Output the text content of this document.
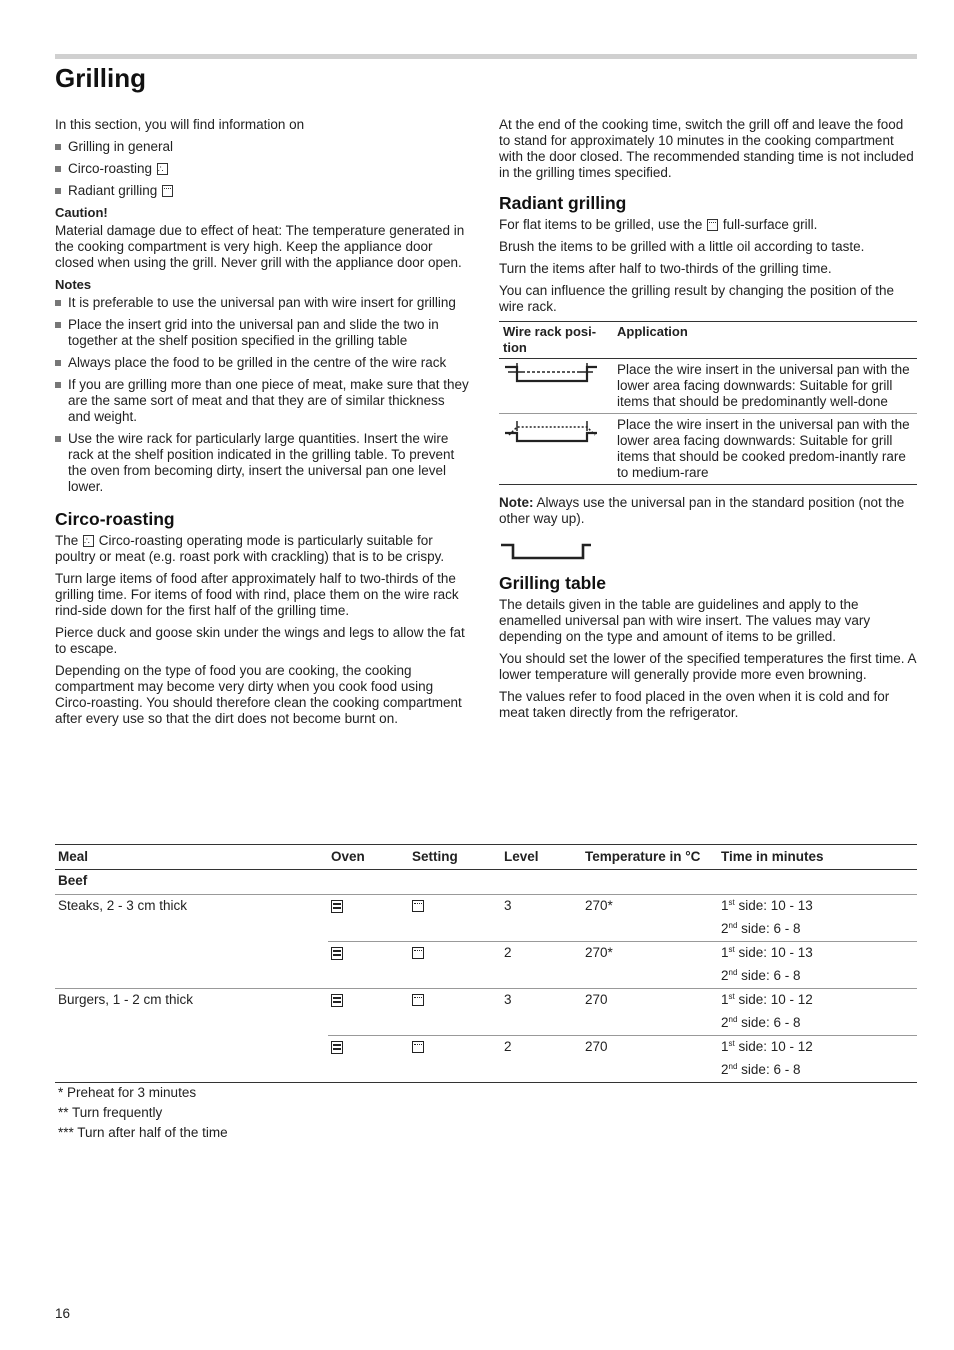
Grilling

In this section, you will find information on

Grilling in general
Circo-roasting ∴
Radiant grilling
Caution!

Material damage due to effect of heat: The temperature generated in the cooking compartment is very high. Keep the appliance door closed when using the grill. Never grill with the appliance door open.

Notes
It is preferable to use the universal pan with wire insert for grilling
Place the insert grid into the universal pan and slide the two in together at the shelf position specified in the grilling table
Always place the food to be grilled in the centre of the wire rack
If you are grilling more than one piece of meat, make sure that they are the same sort of meat and that they are of similar thickness and weight.
Use the wire rack for particularly large quantities. Insert the wire rack at the shelf position indicated in the grilling table. To prevent the oven from becoming dirty, insert the universal pan one level lower.
Circo-roasting

The ∴ Circo-roasting operating mode is particularly suitable for poultry or meat (e.g. roast pork with crackling) that is to be crispy.

Turn large items of food after approximately half to two-thirds of the grilling time. For items of food with rind, place them on the wire rack rind-side down for the first half of the grilling time.

Pierce duck and goose skin under the wings and legs to allow the fat to escape.

Depending on the type of food you are cooking, the cooking compartment may become very dirty when you cook food using Circo-roasting. You should therefore clean the cooking compartment after every use so that the dirt does not become burnt on.

At the end of the cooking time, switch the grill off and leave the food to stand for approximately 10 minutes in the cooking compartment with the door closed. The recommended standing time is not included in the grilling times specified.

Radiant grilling

For flat items to be grilled, use the full-surface grill.

Brush the items to be grilled with a little oil according to taste.

Turn the items after half to two-thirds of the grilling time.

You can influence the grilling result by changing the position of the wire rack.

Wire rack posi-tion	Application
	Place the wire insert in the universal pan with the lower area facing downwards: Suitable for grill items that should be predominantly well-done
	Place the wire insert in the universal pan with the lower area facing downwards: Suitable for grill items that should be cooked predom-inantly rare to medium-rare

Note: Always use the universal pan in the standard position (not the other way up).

Grilling table

The details given in the table are guidelines and apply to the enamelled universal pan with wire insert. The values may vary depending on the type and amount of items to be grilled.

You should set the lower of the specified temperatures the first time. A lower temperature will generally provide more even browning.

The values refer to food placed in the oven when it is cold and for meat taken directly from the refrigerator.

Meal	Oven	Setting	Level	Temperature in °C	Time in minutes
Beef					
Steaks, 2 - 3 cm thick			3	270*	1st side: 10 - 13
2nd side: 6 - 8

			2	270*	1st side: 10 - 13
2nd side: 6 - 8

Burgers, 1 - 2 cm thick			3	270	1st side: 10 - 12
2nd side: 6 - 8

			2	270	1st side: 10 - 12
2nd side: 6 - 8
* Preheat for 3 minutes
** Turn frequently
*** Turn after half of the time
16
